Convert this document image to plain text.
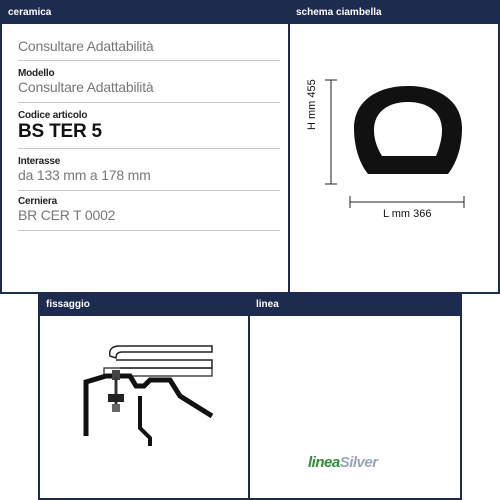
ceramica
Consultare Adattabilità
Modello
Consultare Adattabilità
Codice articolo
BS TER 5
Interasse
da 133 mm a 178 mm
Cerniera
BR CER T 0002
schema ciambella
H mm 455
L mm 366
fissaggio	linea
lineaSilver
